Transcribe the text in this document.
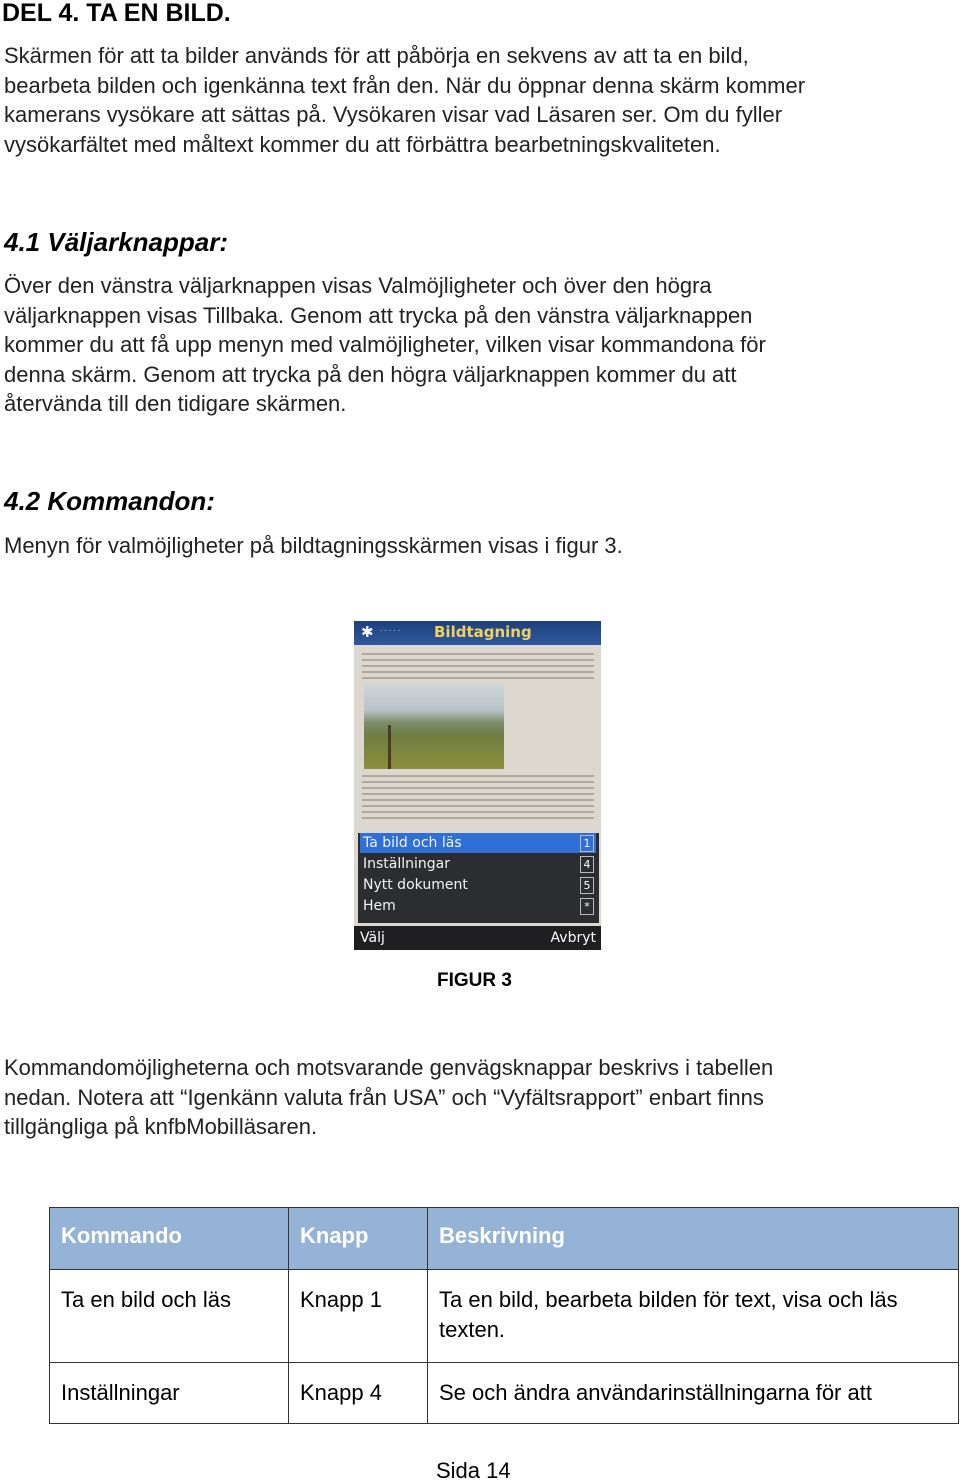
DEL 4. TA EN BILD.

Skärmen för att ta bilder används för att påbörja en sekvens av att ta en bild,

bearbeta bilden och igenkänna text från den. När du öppnar denna skärm kommer

kamerans vysökare att sättas på. Vysökaren visar vad Läsaren ser. Om du fyller

vysökarfältet med måltext kommer du att förbättra bearbetningskvaliteten.

4.1 Väljarknappar:

Över den vänstra väljarknappen visas Valmöjligheter och över den högra

väljarknappen visas Tillbaka. Genom att trycka på den vänstra väljarknappen

kommer du att få upp menyn med valmöjligheter, vilken visar kommandona för

denna skärm. Genom att trycka på den högra väljarknappen kommer du att

återvända till den tidigare skärmen.

4.2 Kommandon:

Menyn för valmöjligheter på bildtagningsskärmen visas i figur 3.

✱ · · · · · Bildtagning
Ta bild och läs	1
Inställningar	4
Nytt dokument	5
Hem	*
Välj	Avbryt
FIGUR 3

Kommandomöjligheterna och motsvarande genvägsknappar beskrivs i tabellen

nedan. Notera att “Igenkänn valuta från USA” och “Vyfältsrapport” enbart finns

tillgängliga på knfbMobilläsaren.

Kommando	Knapp	Beskrivning
Ta en bild och läs	Knapp 1	Ta en bild, bearbeta bilden för text, visa och läs texten.
Inställningar	Knapp 4	Se och ändra användarinställningarna för att
Sida 14
